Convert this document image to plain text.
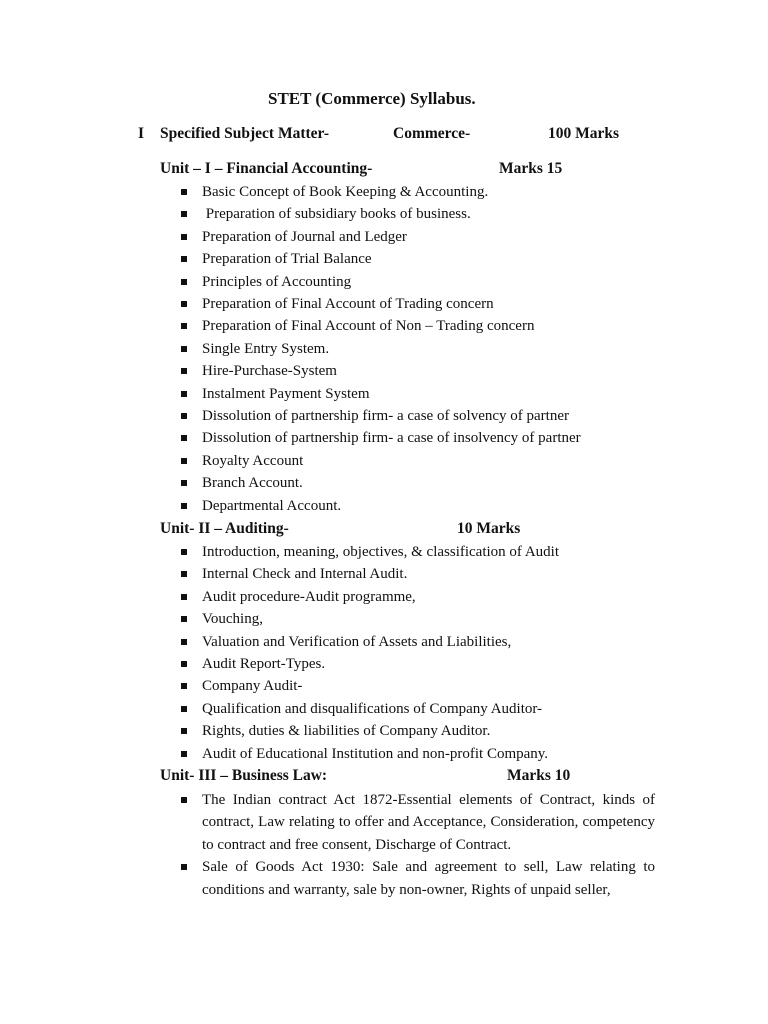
STET (Commerce) Syllabus.
I Specified Subject Matter-	Commerce-	100 Marks
Unit – I – Financial Accounting-	Marks 15
Basic Concept of Book Keeping & Accounting.
Preparation of subsidiary books of business.
Preparation of Journal and Ledger
Preparation of Trial Balance
Principles of Accounting
Preparation of Final Account of Trading concern
Preparation of Final Account of Non – Trading concern
Single Entry System.
Hire-Purchase-System
Instalment Payment System
Dissolution of partnership firm- a case of solvency of partner
Dissolution of partnership firm- a case of insolvency of partner
Royalty Account
Branch Account.
Departmental Account.
Unit- II – Auditing-	10 Marks
Introduction, meaning, objectives, & classification of Audit
Internal Check and Internal Audit.
Audit procedure-Audit programme,
Vouching,
Valuation and Verification of Assets and Liabilities,
Audit Report-Types.
Company Audit-
Qualification and disqualifications of Company Auditor-
Rights, duties & liabilities of Company Auditor.
Audit of Educational Institution and non-profit Company.
Unit- III – Business Law:	Marks 10
The Indian contract Act 1872-Essential elements of Contract, kinds of contract, Law relating to offer and Acceptance, Consideration, competency to contract and free consent, Discharge of Contract.
Sale of Goods Act 1930: Sale and agreement to sell, Law relating to conditions and warranty, sale by non-owner, Rights of unpaid seller,
